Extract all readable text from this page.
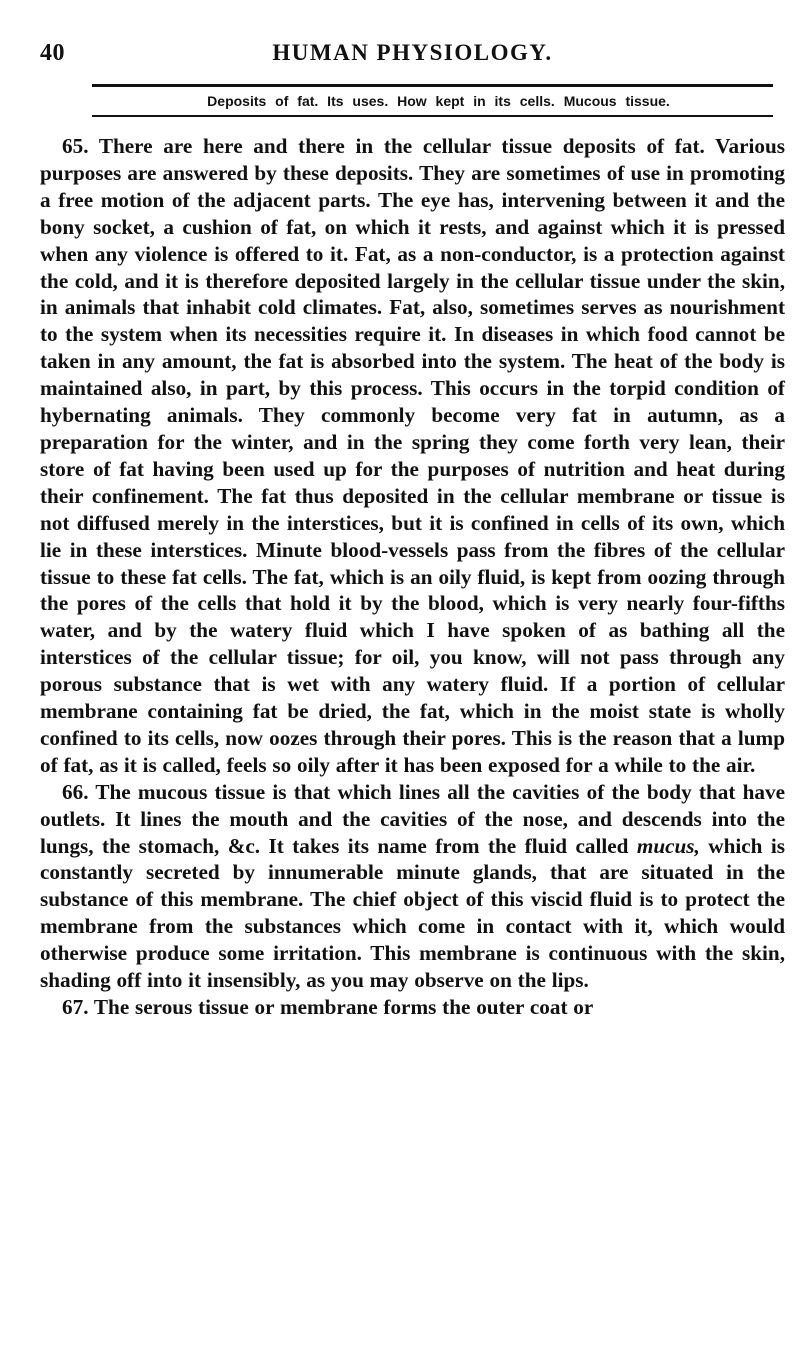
40	HUMAN PHYSIOLOGY.
Deposits of fat. Its uses. How kept in its cells. Mucous tissue.

65. There are here and there in the cellular tissue deposits of fat. Various purposes are answered by these deposits. They are sometimes of use in promoting a free motion of the adjacent parts. The eye has, intervening between it and the bony socket, a cushion of fat, on which it rests, and against which it is pressed when any violence is offered to it. Fat, as a non-conductor, is a protection against the cold, and it is therefore deposited largely in the cellular tissue under the skin, in animals that inhabit cold climates. Fat, also, sometimes serves as nourishment to the system when its necessities require it. In diseases in which food cannot be taken in any amount, the fat is absorbed into the system. The heat of the body is maintained also, in part, by this process. This occurs in the torpid condition of hybernating animals. They commonly become very fat in autumn, as a preparation for the winter, and in the spring they come forth very lean, their store of fat having been used up for the purposes of nutrition and heat during their confinement. The fat thus deposited in the cellular membrane or tissue is not diffused merely in the interstices, but it is confined in cells of its own, which lie in these interstices. Minute blood-vessels pass from the fibres of the cellular tissue to these fat cells. The fat, which is an oily fluid, is kept from oozing through the pores of the cells that hold it by the blood, which is very nearly four-fifths water, and by the watery fluid which I have spoken of as bathing all the interstices of the cellular tissue; for oil, you know, will not pass through any porous substance that is wet with any watery fluid. If a portion of cellular membrane containing fat be dried, the fat, which in the moist state is wholly confined to its cells, now oozes through their pores. This is the reason that a lump of fat, as it is called, feels so oily after it has been exposed for a while to the air.

66. The mucous tissue is that which lines all the cavities of the body that have outlets. It lines the mouth and the cavities of the nose, and descends into the lungs, the stomach, &c. It takes its name from the fluid called mucus, which is constantly secreted by innumerable minute glands, that are situated in the substance of this membrane. The chief object of this viscid fluid is to protect the membrane from the substances which come in contact with it, which would otherwise produce some irritation. This membrane is continuous with the skin, shading off into it insensibly, as you may observe on the lips.

67. The serous tissue or membrane forms the outer coat or
